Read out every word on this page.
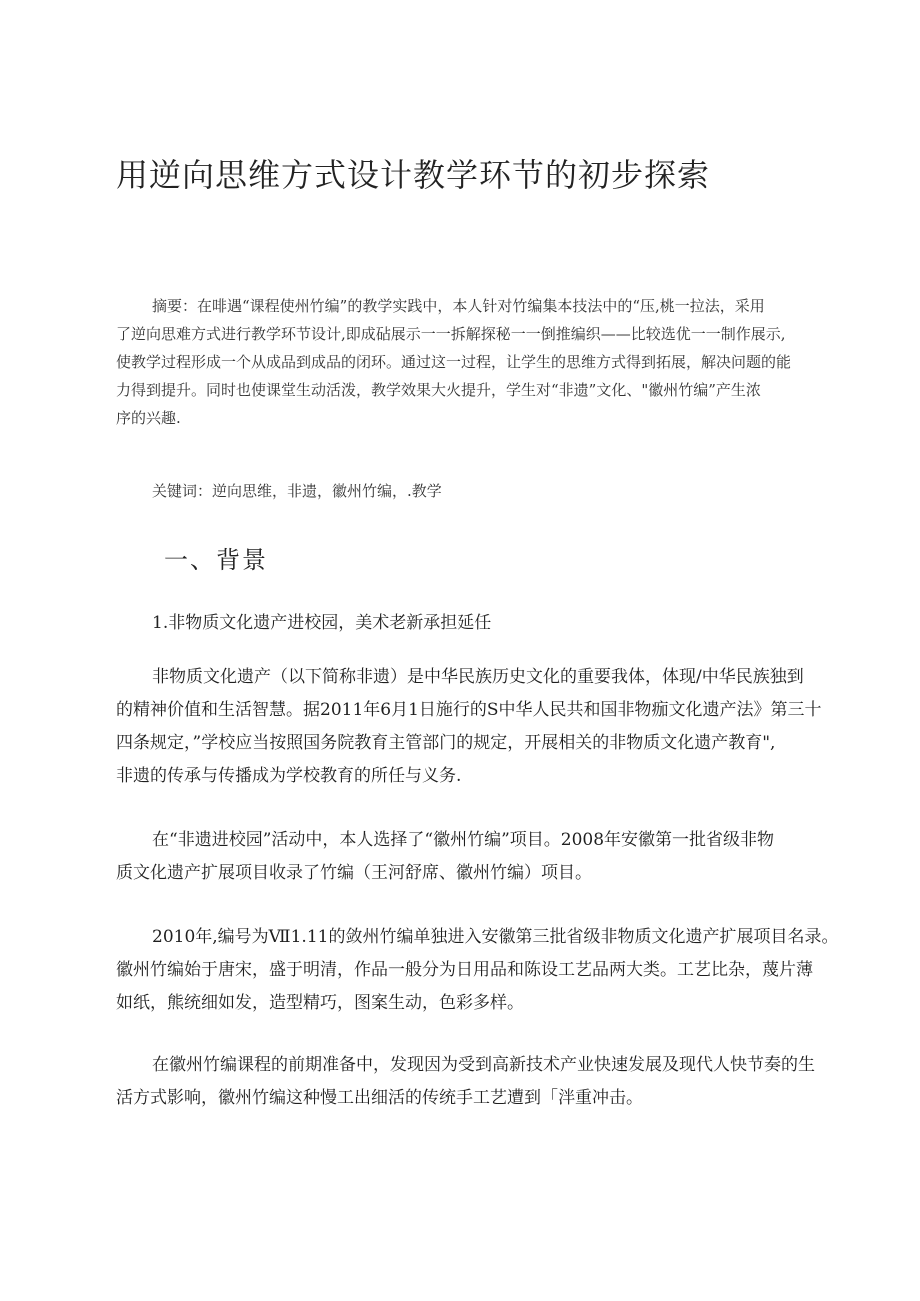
用逆向思维方式设计教学环节的初步探索
摘要：在啡遇“课程使州竹编”的教学实践中，本人针对竹编集本技法中的“压,桃一拉法，采用
了逆向思难方式进行教学环节设计,即成砧展示一一拆解探秘一一倒推编织——比较选优一一制作展示,
使教学过程形成一个从成品到成品的闭环。通过这一过程，让学生的思维方式得到拓展，解决问题的能
力得到提升。同时也使课堂生动活泼，教学效果大火提升，学生对“非遗”文化、"徽州竹编”产生浓
序的兴趣.
关键词：逆向思维，非遗，徽州竹编，.教学
一、背景
1.非物质文化遗产进校园，美术老新承担延任
非物质文化遗产（以下简称非遗）是中华民族历史文化的重要我体，体现/中华民族独到
的精神价值和生活智慧。据2011年6月1日施行的S中华人民共和国非物痂文化遗产法》第三十
四条规定，”学校应当按照国务院教育主管部门的规定，开展相关的非物质文化遗产教育",
非遗的传承与传播成为学校教育的所任与义务.
在“非遗进校园”活动中，本人选择了“徽州竹编”项目。2008年安徽第一批省级非物
质文化遗产扩展项目收录了竹编（王河舒席、徽州竹编）项目。
2010年,编号为Ⅶ1.11的敛州竹编单独进入安徽第三批省级非物质文化遗产扩展项目名录。
徽州竹编始于唐宋，盛于明清，作品一般分为日用品和陈设工艺品两大类。工艺比杂，蔑片薄
如纸，熊统细如发，造型精巧，图案生动，色彩多样。
在徽州竹编课程的前期准备中，发现因为受到高新技术产业快速发展及现代人快节奏的生
活方式影响，徽州竹编这种慢工出细活的传统手工艺遭到「泮重冲击。
